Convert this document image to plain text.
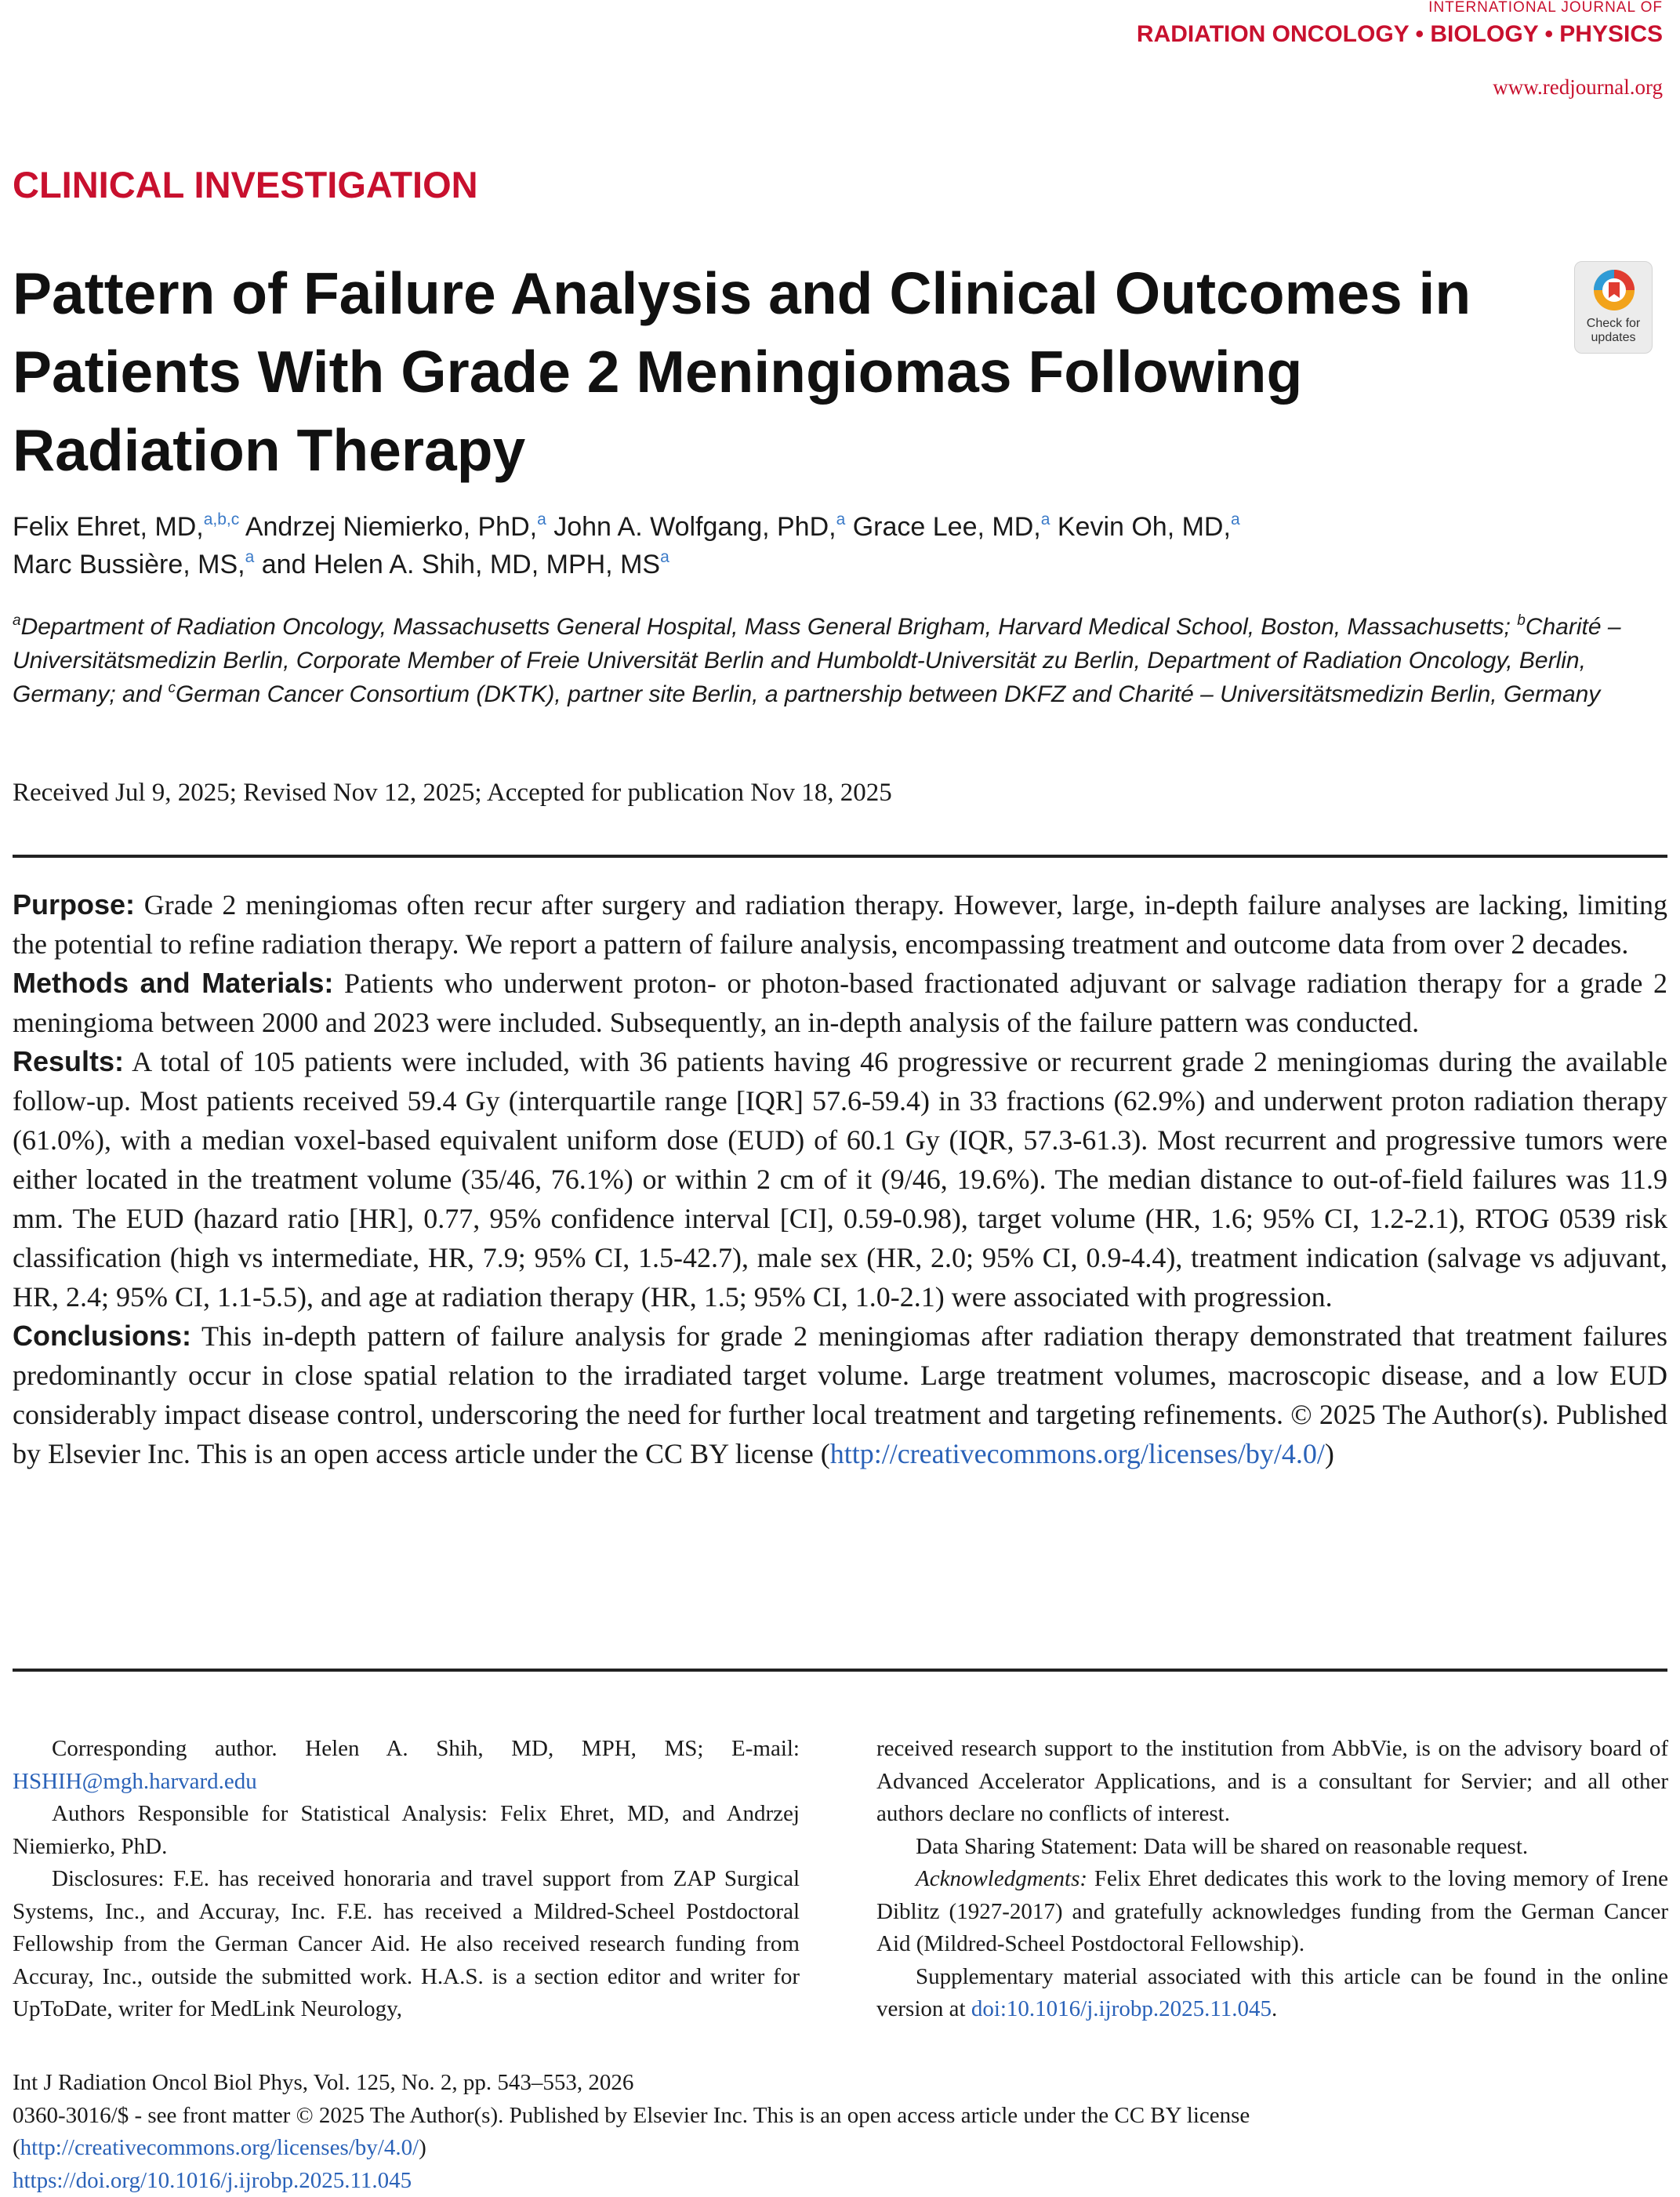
INTERNATIONAL JOURNAL OF
RADIATION ONCOLOGY • BIOLOGY • PHYSICS
www.redjournal.org
CLINICAL INVESTIGATION
Pattern of Failure Analysis and Clinical Outcomes in Patients With Grade 2 Meningiomas Following Radiation Therapy
Check for
updates
Felix Ehret, MD,$^{a,b,c}$ Andrzej Niemierko, PhD,$^a$ John A. Wolfgang, PhD,$^a$ Grace Lee, MD,$^a$ Kevin Oh, MD,$^a$
Marc Bussière, MS,$^a$ and Helen A. Shih, MD, MPH, MS$^a$
$^a$Department of Radiation Oncology, Massachusetts General Hospital, Mass General Brigham, Harvard Medical School, Boston, Massachusetts; $^b$Charité – Universitätsmedizin Berlin, Corporate Member of Freie Universität Berlin and Humboldt-Universität zu Berlin, Department of Radiation Oncology, Berlin, Germany; and $^c$German Cancer Consortium (DKTK), partner site Berlin, a partnership between DKFZ and Charité – Universitätsmedizin Berlin, Germany
Received Jul 9, 2025; Revised Nov 12, 2025; Accepted for publication Nov 18, 2025

Purpose: Grade 2 meningiomas often recur after surgery and radiation therapy. However, large, in-depth failure analyses are lacking, limiting the potential to refine radiation therapy. We report a pattern of failure analysis, encompassing treatment and outcome data from over 2 decades.

Methods and Materials: Patients who underwent proton- or photon-based fractionated adjuvant or salvage radiation therapy for a grade 2 meningioma between 2000 and 2023 were included. Subsequently, an in-depth analysis of the failure pattern was conducted.

Results: A total of 105 patients were included, with 36 patients having 46 progressive or recurrent grade 2 meningiomas during the available follow-up. Most patients received 59.4 Gy (interquartile range [IQR] 57.6-59.4) in 33 fractions (62.9%) and underwent proton radiation therapy (61.0%), with a median voxel-based equivalent uniform dose (EUD) of 60.1 Gy (IQR, 57.3-61.3). Most recurrent and progressive tumors were either located in the treatment volume (35/46, 76.1%) or within 2 cm of it (9/46, 19.6%). The median distance to out-of-field failures was 11.9 mm. The EUD (hazard ratio [HR], 0.77, 95% confidence interval [CI], 0.59-0.98), target volume (HR, 1.6; 95% CI, 1.2-2.1), RTOG 0539 risk classification (high vs intermediate, HR, 7.9; 95% CI, 1.5-42.7), male sex (HR, 2.0; 95% CI, 0.9-4.4), treatment indication (salvage vs adjuvant, HR, 2.4; 95% CI, 1.1-5.5), and age at radiation therapy (HR, 1.5; 95% CI, 1.0-2.1) were associated with progression.

Conclusions: This in-depth pattern of failure analysis for grade 2 meningiomas after radiation therapy demonstrated that treatment failures predominantly occur in close spatial relation to the irradiated target volume. Large treatment volumes, macroscopic disease, and a low EUD considerably impact disease control, underscoring the need for further local treatment and targeting refinements. © 2025 The Author(s). Published by Elsevier Inc. This is an open access article under the CC BY license (http://creativecommons.org/licenses/by/4.0/)

Corresponding author. Helen A. Shih, MD, MPH, MS; E-mail: HSHIH@mgh.harvard.edu

Authors Responsible for Statistical Analysis: Felix Ehret, MD, and Andrzej Niemierko, PhD.

Disclosures: F.E. has received honoraria and travel support from ZAP Surgical Systems, Inc., and Accuray, Inc. F.E. has received a Mildred-Scheel Postdoctoral Fellowship from the German Cancer Aid. He also received research funding from Accuray, Inc., outside the submitted work. H.A.S. is a section editor and writer for UpToDate, writer for MedLink Neurology,

received research support to the institution from AbbVie, is on the advisory board of Advanced Accelerator Applications, and is a consultant for Servier; and all other authors declare no conflicts of interest.

Data Sharing Statement: Data will be shared on reasonable request.

Acknowledgments: Felix Ehret dedicates this work to the loving memory of Irene Diblitz (1927-2017) and gratefully acknowledges funding from the German Cancer Aid (Mildred-Scheel Postdoctoral Fellowship).

Supplementary material associated with this article can be found in the online version at doi:10.1016/j.ijrobp.2025.11.045.

Int J Radiation Oncol Biol Phys, Vol. 125, No. 2, pp. 543–553, 2026
0360-3016/$ - see front matter © 2025 The Author(s). Published by Elsevier Inc. This is an open access article under the CC BY license
(http://creativecommons.org/licenses/by/4.0/)
https://doi.org/10.1016/j.ijrobp.2025.11.045
